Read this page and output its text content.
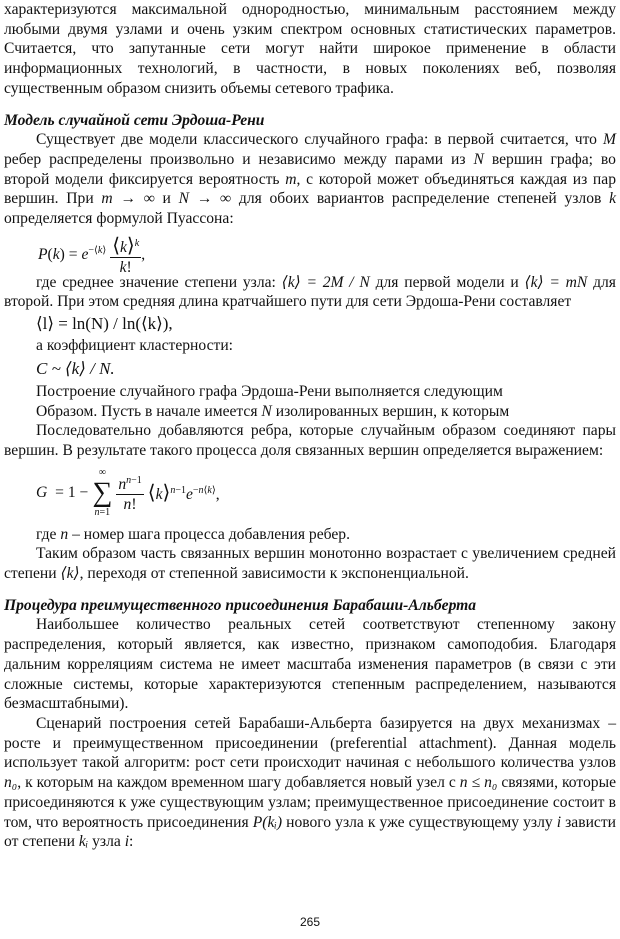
характеризуются максимальной однородностью, минимальным расстоянием между любыми двумя узлами и очень узким спектром основных статистических параметров. Считается, что запутанные сети могут найти широкое применение в области информационных технологий, в частности, в новых поколениях веб, позволяя существенным образом снизить объемы сетевого трафика.

Модель случайной сети Эрдоша-Рени

Существует две модели классического случайного графа: в первой считается, что M ребер распределены произвольно и независимо между парами из N вершин графа; во второй модели фиксируется вероятность m, с которой может объединяться каждая из пар вершин. При m → ∞ и N → ∞ для обоих вариантов распределение степеней узлов k определяется формулой Пуассона:

$P(k) = e^{-⟨k⟩} \frac{⟨k⟩^k}{k!}$ ,

где среднее значение степени узла: ⟨k⟩ = 2M / N для первой модели и ⟨k⟩ = mN для второй. При этом средняя длина кратчайшего пути для сети Эрдоша-Рени составляет

⟨l⟩ = ln(N) / ln(⟨k⟩),

а коэффициент кластерности:

C ~ ⟨k⟩ / N.

Построение случайного графа Эрдоша-Рени выполняется следующим

Образом. Пусть в начале имеется N изолированных вершин, к которым

Последовательно добавляются ребра, которые случайным образом соединяют пары вершин. В результате такого процесса доля связанных вершин определяется выражением:

G = 1 −
∞
∑
$n=1 \frac{n^{n-1}}{n!}$ $⟨k⟩^{n-1}e^{-n⟨k⟩}$,

где n – номер шага процесса добавления ребер.

Таким образом часть связанных вершин монотонно возрастает с увеличением средней степени ⟨k⟩, переходя от степенной зависимости к экспоненциальной.

Процедура преимущественного присоединения Барабаши-Альберта

Наибольшее количество реальных сетей соответствуют степенному закону распределения, который является, как известно, признаком самоподобия. Благодаря дальним корреляциям система не имеет масштаба изменения параметров (в связи с эти сложные системы, которые характеризуются степенным распределением, называются безмасштабными).

Сценарий построения сетей Барабаши-Альберта базируется на двух механизмах – росте и преимущественном присоединении (preferential attachment). Данная модель использует такой алгоритм: рост сети происходит начиная с небольшого количества узлов n₀, к которым на каждом временном шагу добавляется новый узел с n ≤ n₀ связями, которые присоединяются к уже существующим узлам; преимущественное присоединение состоит в том, что вероятность присоединения P(kᵢ) нового узла к уже существующему узлу i зависти от степени kᵢ узла i:

265
